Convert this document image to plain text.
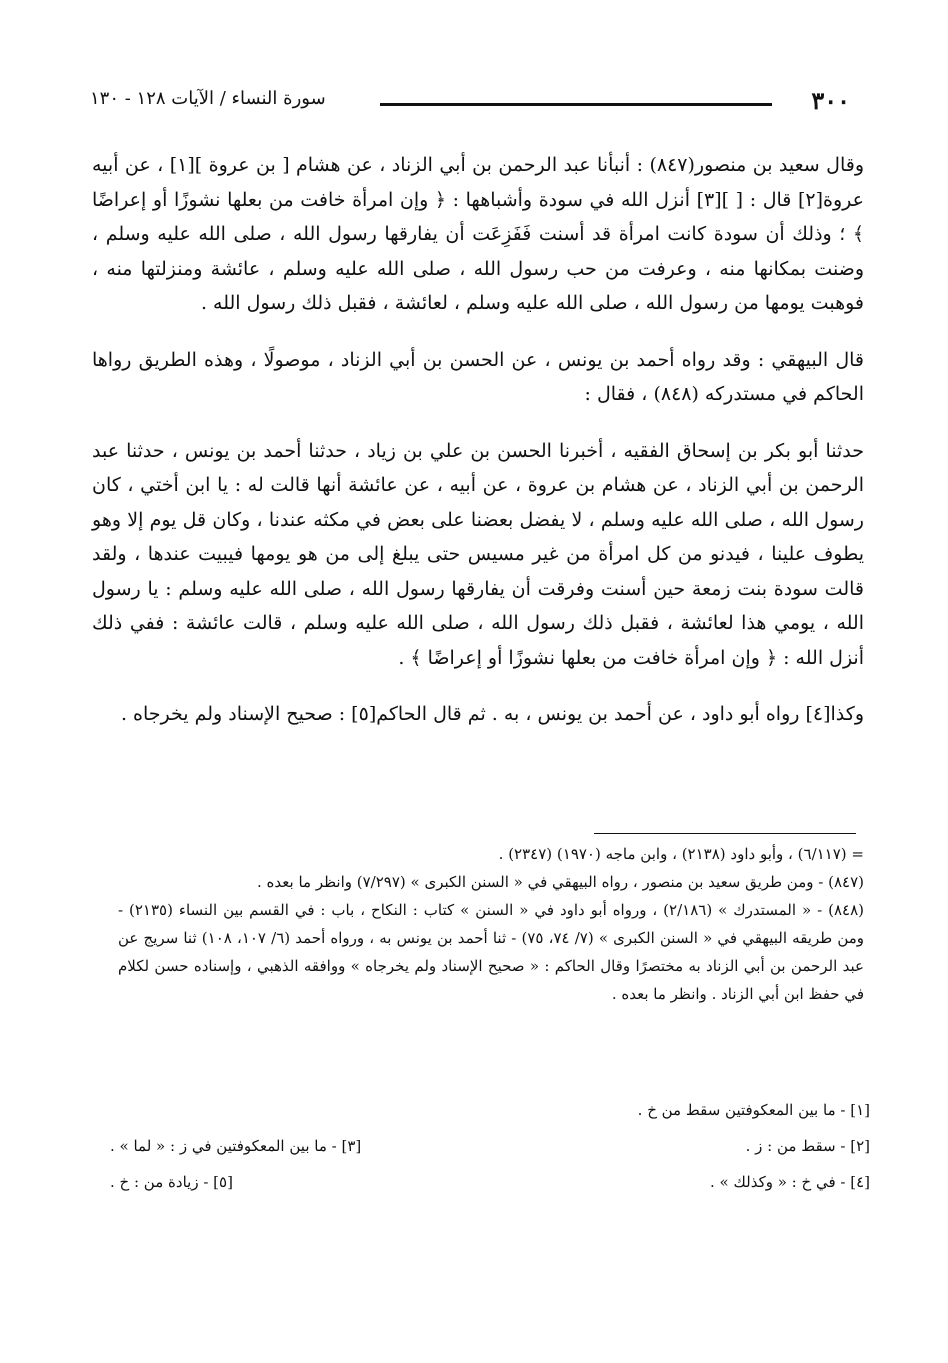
٣٠٠
سورة النساء / الآيات ١٢٨ - ١٣٠

وقال سعيد بن منصور(٨٤٧) : أنبأنا عبد الرحمن بن أبي الزناد ، عن هشام [ بن عروة ][١] ، عن أبيه عروة[٢] قال : [ ][٣] أنزل الله في سودة وأشباهها : ﴿ وإن امرأة خافت من بعلها نشوزًا أو إعراضًا ﴾ ؛ وذلك أن سودة كانت امرأة قد أسنت فَفَزِعَت أن يفارقها رسول الله ، صلى الله عليه وسلم ، وضنت بمكانها منه ، وعرفت من حب رسول الله ، صلى الله عليه وسلم ، عائشة ومنزلتها منه ، فوهبت يومها من رسول الله ، صلى الله عليه وسلم ، لعائشة ، فقبل ذلك رسول الله .

قال البيهقي : وقد رواه أحمد بن يونس ، عن الحسن بن أبي الزناد ، موصولًا ، وهذه الطريق رواها الحاكم في مستدركه (٨٤٨) ، فقال :

حدثنا أبو بكر بن إسحاق الفقيه ، أخبرنا الحسن بن علي بن زياد ، حدثنا أحمد بن يونس ، حدثنا عبد الرحمن بن أبي الزناد ، عن هشام بن عروة ، عن أبيه ، عن عائشة أنها قالت له : يا ابن أختي ، كان رسول الله ، صلى الله عليه وسلم ، لا يفضل بعضنا على بعض في مكثه عندنا ، وكان قل يوم إلا وهو يطوف علينا ، فيدنو من كل امرأة من غير مسيس حتى يبلغ إلى من هو يومها فيبيت عندها ، ولقد قالت سودة بنت زمعة حين أسنت وفرقت أن يفارقها رسول الله ، صلى الله عليه وسلم : يا رسول الله ، يومي هذا لعائشة ، فقبل ذلك رسول الله ، صلى الله عليه وسلم ، قالت عائشة : ففي ذلك أنزل الله : ﴿ وإن امرأة خافت من بعلها نشوزًا أو إعراضًا ﴾ .

وكذا[٤] رواه أبو داود ، عن أحمد بن يونس ، به . ثم قال الحاكم[٥] : صحيح الإسناد ولم يخرجاه .

= (٦/١١٧) ، وأبو داود (٢١٣٨) ، وابن ماجه (١٩٧٠) (٢٣٤٧) .

(٨٤٧) - ومن طريق سعيد بن منصور ، رواه البيهقي في « السنن الكبرى » (٧/٢٩٧) وانظر ما بعده .

(٨٤٨) - « المستدرك » (٢/١٨٦) ، ورواه أبو داود في « السنن » كتاب : النكاح ، باب : في القسم بين النساء (٢١٣٥) - ومن طريقه البيهقي في « السنن الكبرى » (٧/ ٧٤، ٧٥) - ثنا أحمد بن يونس به ، ورواه أحمد (٦/ ١٠٧، ١٠٨) ثنا سريج عن عبد الرحمن بن أبي الزناد به مختصرًا وقال الحاكم : « صحيح الإسناد ولم يخرجاه » ووافقه الذهبي ، وإسناده حسن لكلام في حفظ ابن أبي الزناد . وانظر ما بعده .

[١] - ما بين المعكوفتين سقط من خ .
[٢] - سقط من : ز .
[٣] - ما بين المعكوفتين في ز : « لما » .
[٤] - في خ : « وكذلك » .
[٥] - زيادة من : خ .
